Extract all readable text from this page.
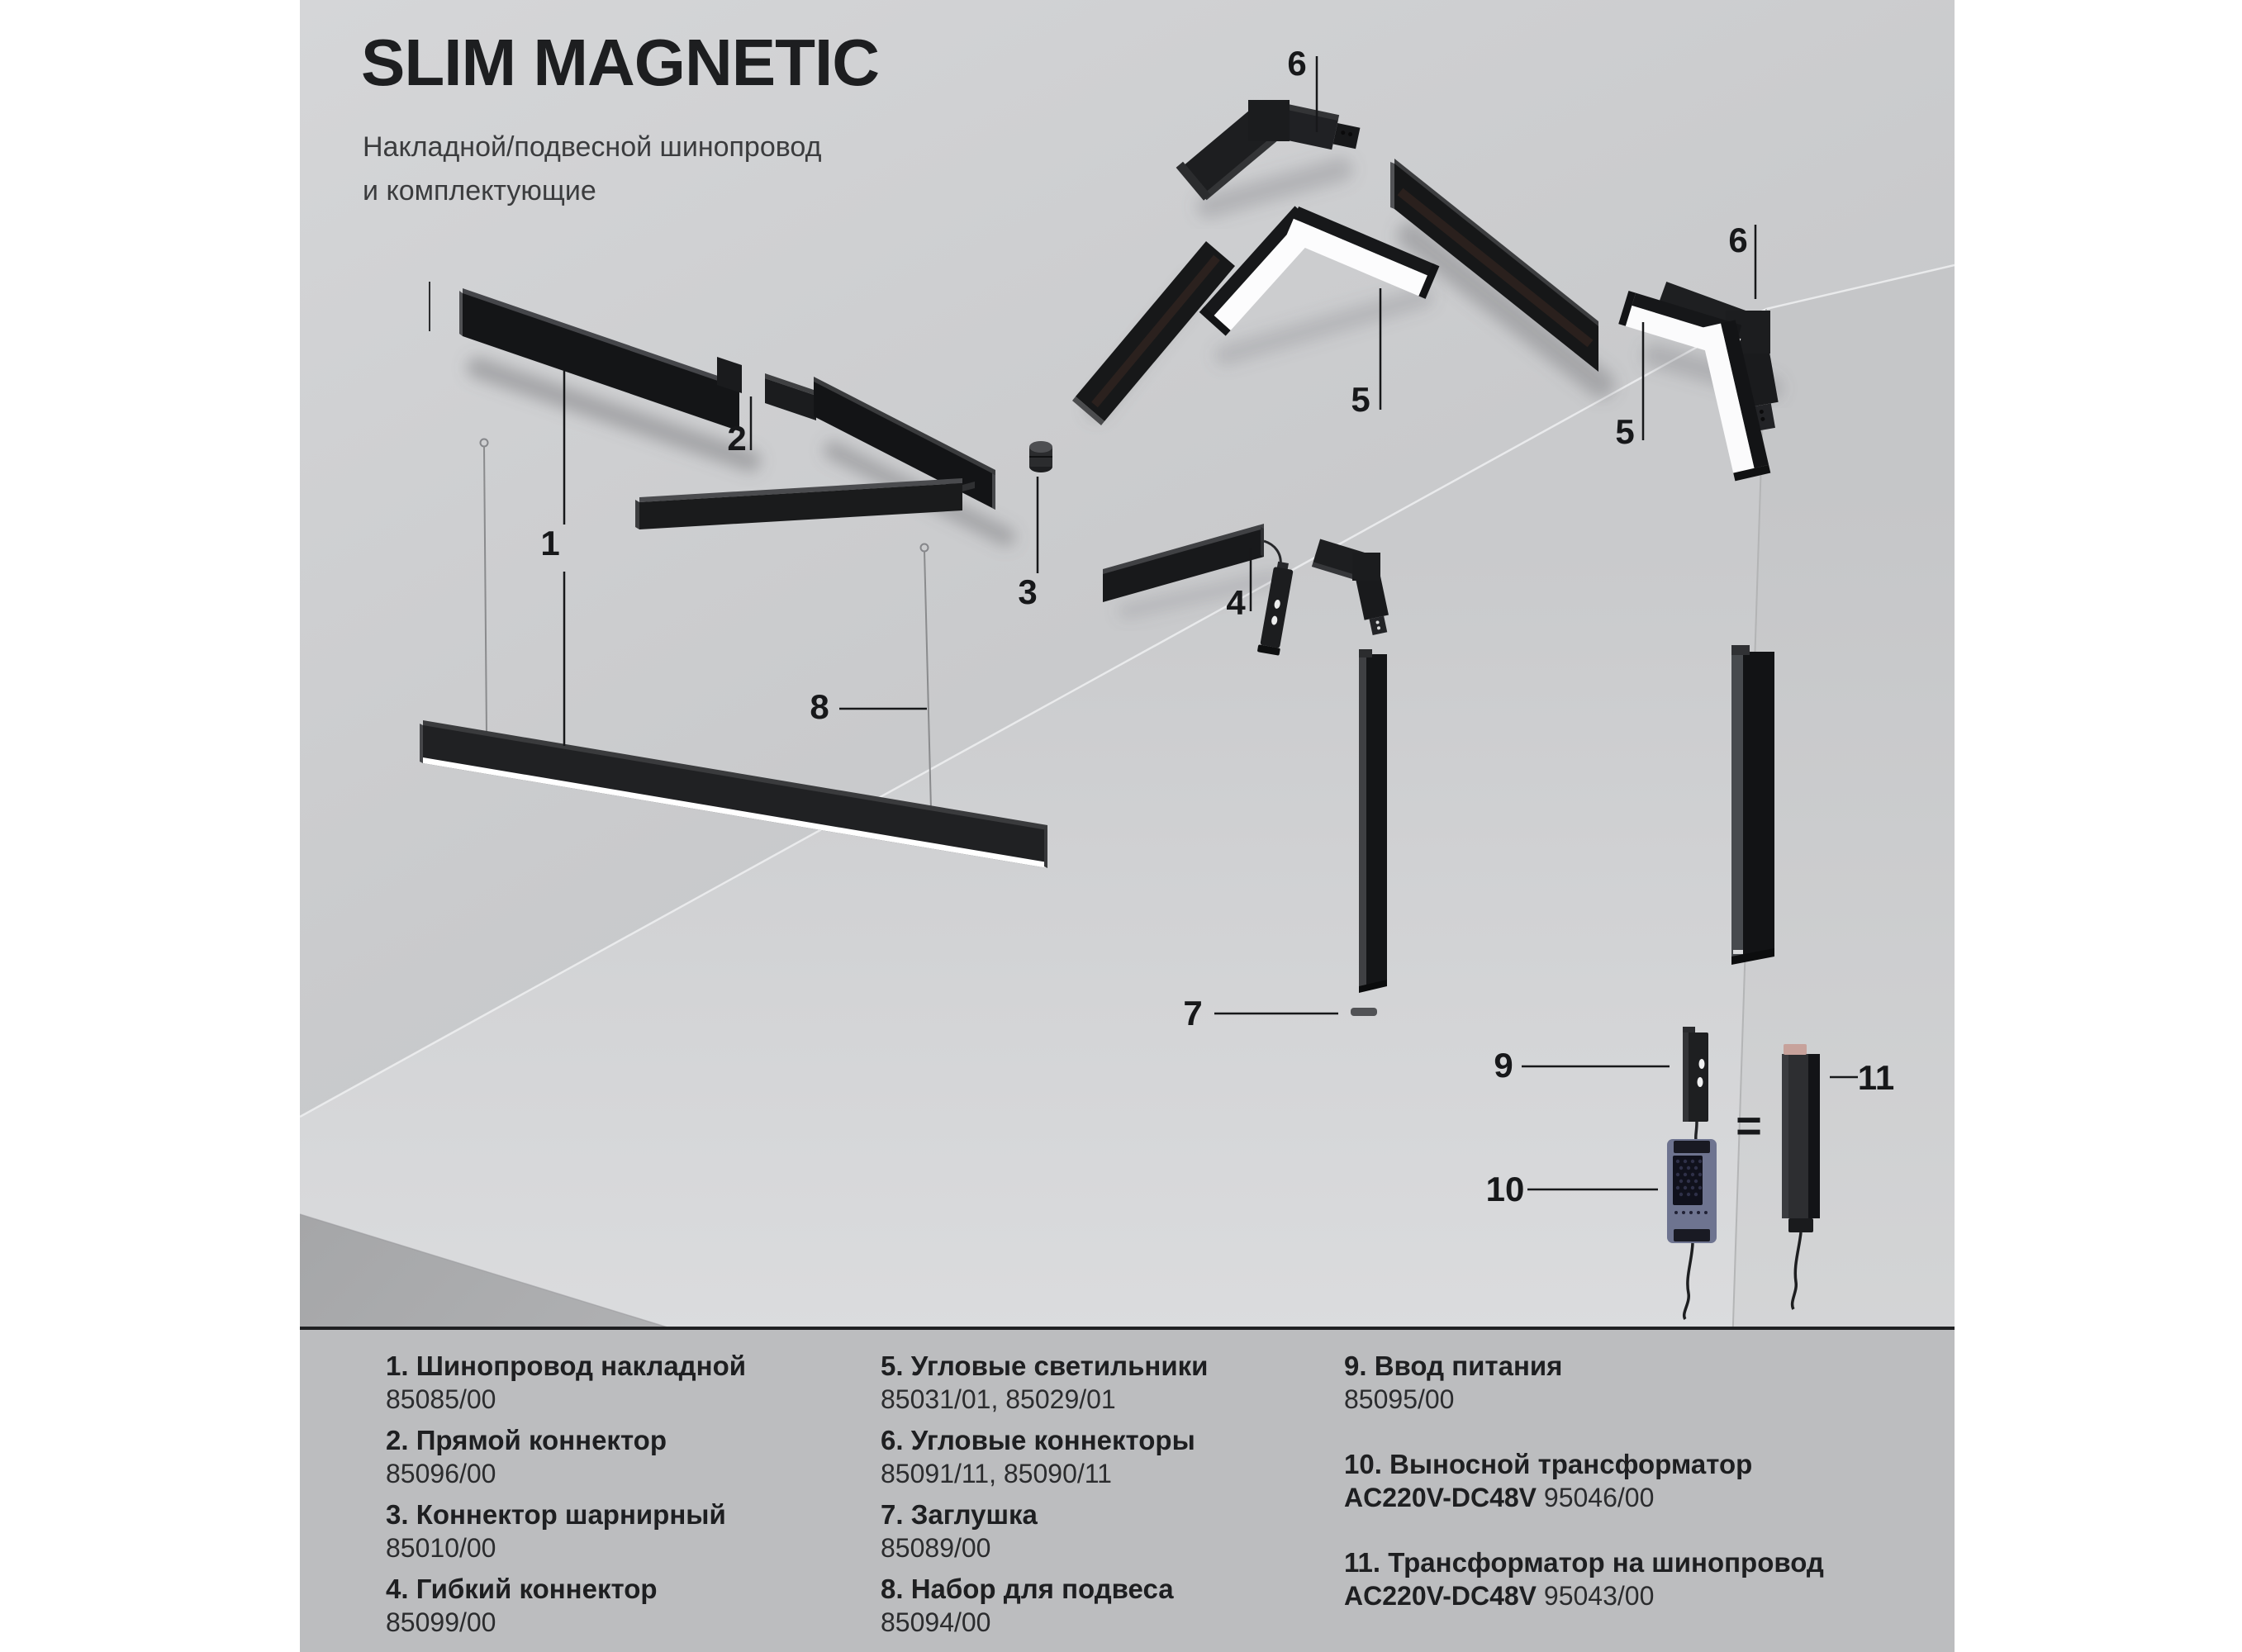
SLIM MAGNETIC

Накладной/подвесной шинопровод
и комплектующие

1
2
3	4
5
5
6
6
7
8
9
10
11
=
1. Шинопровод накладной
85085/00
2. Прямой коннектор
85096/00
3. Коннектор шарнирный
85010/00
4. Гибкий коннектор
85099/00
5. Угловые светильники
85031/01, 85029/01
6. Угловые коннекторы
85091/11, 85090/11
7. Заглушка
85089/00
8. Набор для подвеса
85094/00
9. Ввод питания
85095/00
10. Выносной трансформатор
AC220V-DC48V 95046/00
11. Трансформатор на шинопровод
AC220V-DC48V 95043/00
